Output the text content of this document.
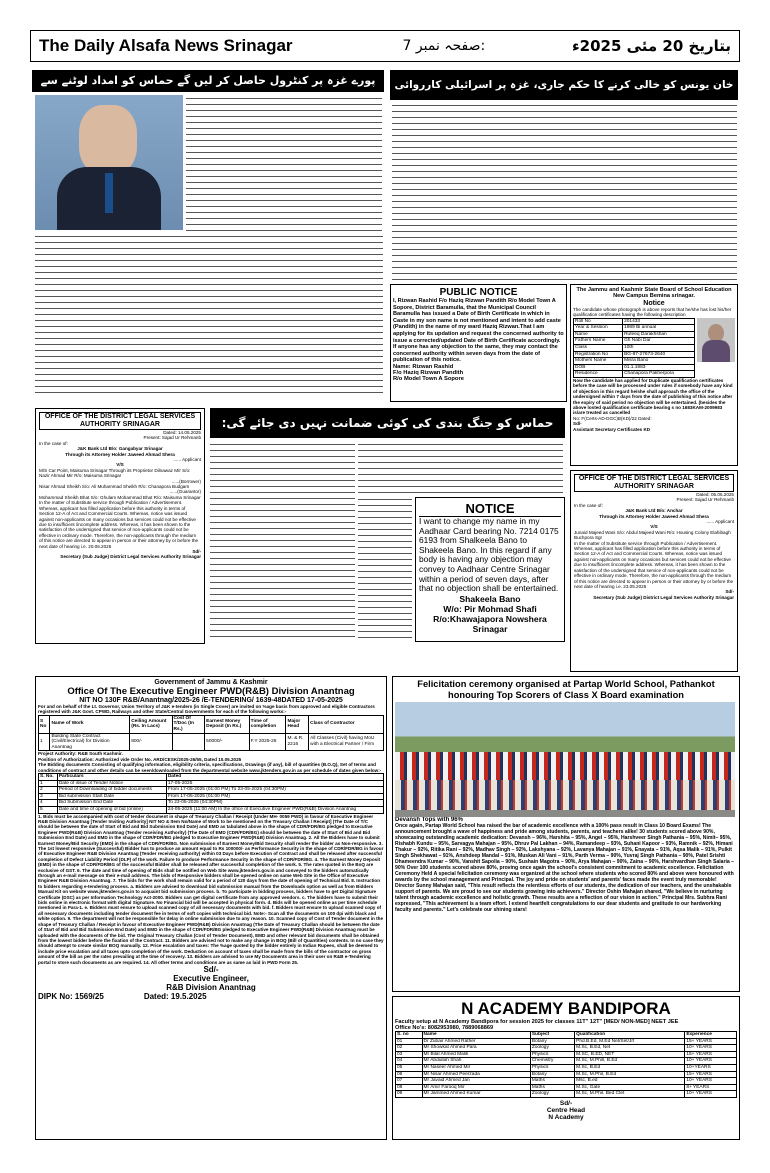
The Daily Alsafa News Srinagar	صفحہ نمبر 7:	بتاریخ 20 مئی 2025ء
پورے غزہ پر کنٹرول حاصل کر لیں گے حماس کو امداد لوٹنے سے بنیتن
خان یونس کو خالی کرنے کا حکم جاری، غزہ پر اسرائیلی کارروائی
PUBLIC NOTICE
I, Rizwan Rashid F/o Haziq Rizwan Pandith R/o Model Town A Sopore, District Baramulla, that the Municipal Council Baramulla has issued a Date of Birth Certificate in which in Caste in my son name is not mentioned and intent to add caste (Pandith) in the name of my ward Haziq Rizwan.That I am applying for its updation and request the concerned authority to issue a corrected/updated Date of Birth Certificate accordingly. If anyone has any objection to the same, they may contact the concerned authority within seven days from the date of publication of this notice.
Name: Rizwan Rashid
F/o Haziq Rizwan Pandith
R/o Model Town A Sopore
The Jammu and Kashmir State Board of School Education New Campus Bemina srinagar.
Notice
The candidate whose photograph is above reports that he/she has lost his/her qualification certificates having the following description
Roll No	201433
Year & Session	1989 Bi annual
Name	Rufeeq Darakhshan
Fathers Name	Gh Nabi Dar
Class	10th
Registration No	BG-87-27673-2640
Mothers Name	Misra Bano
DOB	01.1.1983
Residence	Chanapora Pakherpora
Now the candidate has applied for Duplicate qualification certificates before the case will be processed under rules if somebody have any kind of objection in this regard he/she shall approach the office of the undersigned within 7 days from the date of publishing of this notice after the expiry of said period no objection will be entertained. (besides the above losted qualification certificate bearing s no 1683KAM-2009983 is/are treated as cancelled
No: F(Certs-AD-DGC)B(KD)/22 Dated:
Sd/-
Assistant Secretary Certificates KD
OFFICE OF THE DISTRICT LEGAL SERVICES AUTHORITY SRINAGAR
Dated: 14.05.2025
Present: Sajad Ur Rehmanb
In the case of:
J&K Bank Ltd B/o: Gangabyar Srinagar
Through its Attorney Holder Jaweed Ahmad Shera
...... Applicant
V/S
M/S Car Point, Maisuma Srinagar Through its Proprietor Dilnawaz M/r S/o: Nazir Ahmad Mir R/o: Maisuma Srinagar
......(Borrower)
Nisar Ahmad Sheikh S/o: Ali Muhammad Sheikh R/o: Chanapora Budgam
......(Guarantor)
Mohammad Sheikh Bhat S/o: Ghulam Mohammad Bhat R/o: Maisuma Srinagar
In the matter of Substitute service through Publication / Advertisement. Whereas, applicant has filled application before this authority in terms of Section 12-A of Act and Commercial Courts. Whereas, notice was issued against non-applicants on many occasions but services could not be effective due to insufficient /incomplete address. Whereas, it has been shown to the satisfaction of the undersigned that service of non-applicants could not be effective in ordinary mode. Therefore, the non-applicants through the medium of this notice are directed to appear in person or their attorney by or before the next date of hearing i.e. 20.06.2025
Sd/-
Secretary (Sub Judge) District Legal Services Authority Srinagar
حماس کو جنگ بندی کی کوئی ضمانت نہیں دی جائے گی:
NOTICE
I want to change my name in my Aadhaar Card bearing No. 7214 0175 6193 from Shalkeela Bano to Shakeela Bano. In this regard if any body is having any objection may convey to Aadhaar Centre Srinagar within a period of seven days, after that no objection shall be entertained.
Shakeela Bano
W/o: Pir Mohmad Shafi
R/o:Khawajapora Nowshera Srinagar
OFFICE OF THE DISTRICT LEGAL SERVICES AUTHORITY SRINAGAR
Dated: 05.05.2025
Present: Sajad Ur Rehmanb
In the case of:
J&K Bank Ltd B/o: Anchar
Through its Attorney Holder Jaweed Ahmad Shera
...... Applicant
V/S
Junaid Majeed Wani S/o: Abdul Majeed Wani R/o: Housing Colony Elahibagh Buchpora Sgr
In the matter of Substitute service through Publication / Advertisement. Whereas, applicant has filled application before this authority in terms of Section 12-A of Act and Commercial Courts. Whereas, notice was issued against non-applicants on many occasions but services could not be effective due to insufficient /incomplete address. Whereas, it has been shown to the satisfaction of the undersigned that service of non-applicants could not be effective in ordinary mode. Therefore, the non-applicants through the medium of this notice are directed to appear in person or their attorney by or before the next date of hearing i.e. 23.05.2025
Sd/-
Secretary (Sub Judge) District Legal Services Authority Srinagar
Government of Jammu & Kashmir
Office Of The Executive Engineer PWD(R&B) Division Anantnag
NIT NO 130F R&B/Anantnag/2025-26 /E-TENDERING/ 1639-48DATED 17-05-2025
For and on behalf of the Lt. Governor, Union Territory of J&K e-tenders (in Single Cover) are invited on %age basis from approved and eligible Contractors registered with J&K Govt. CPWD, Railways and other State/Central Governments for each of the following works:-
S No	Name of Work	Ceiling Amount (Rs. In Lacs)	Cost Of T/Doc (In Rs.)	Earnest Money Deposit (In Rs.)	Time of completion	Major Head	Class of Contractor
1	Building State Contract (Civil/Electrical) for Division Anantnag	800/-		50000/-	F.Y 2025-26	M. & R. 2216	All Classes (Civil) having MoU with a Electrical Partner / Firm
Project Authority: R&B South Kashmir.
Position of Authorization: Authorized vide Order No. ARD/CESK/2025-26/55, Dated 10.05.2025
The Bidding documents Consisting of qualifying information, eligibility criteria, specifications, Drawings (if any), bill of quantities (B.O.Q), Set of terms and conditions of contract and other details can be seen/downloaded from the departmental website www.jktenders.gov.in as per schedule of dates given below:-
S. No.	Particulars	Dated
1	Date of issue of Tender Notice	17-05-2025
2	Period of Downloading of bidder documents	From 17-05-2025 (01:00 PM) To 23-05-2025 (04:30PM)
3	Bid submission Start Date	From 17-05-2025 (01:00 PM)
4	Bid Submission End Date	To 23-05-2025 (04:30PM)
5	Date and time of opening of bid (online)	24-05-2025 (11:00 AM) In the office of Executive Engineer PWD(R&B) Division Anantnag
1. Bids must be accompanied with cost of tender document in shape of Treasury Challan / Receipt (Under MH- 0059 PWD) in favour of Executive Engineer R&B Division Anantnag [Tender Inviting Authority] NIT NO & Item No/Name of Work to be mentioned on the Treasury Challan / Receipt] (The Date of T/C should be between the date of Start of Bid and Bid Submission End Date) and EMD as tabulated above in the shape of CDR/FDR/BG pledged to Executive Engineer PWD(R&B) Division Anantnag (Tender receiving Authority) (The Date of EMD (CDR/FDR/BG) should be between the date of Start of Bid and Bid Submission End Date) and EMD in the shape of CDR/FDR/BG pledged to Executive Engineer PWD(R&B) Division Anantnag. 2. All the Bidders have to submit Earnest Money/Bid Security (EMD) in the shape of CDR/FDR/BG. Non submission of Earnest Money/Bid Security shall render the bidder as Non-responsive. 3. The 1st lowest responsive (Successful) Bidder has to produce an amount equal to Rs 100000/- as Performance Security in the shape of CDR/FDR/BG in favour of Executive Engineer R&B Division Anantnag (Tender receiving authority) within 03 Days before Execution of Contract and shall be released after successful completion of Defect Liability Period (DLP) of the work. Failure to produce Performance Security in the shape of CDR/FDR/BG. 4. The Earnest Money Deposit (EMD) in the shape of CDR/FDR/BG of the successful Bidder shall be released after successful completion of the work. 5. The rates quoted in the BoQ are exclusive of GST. 6. The date and time of opening of Bids shall be notified on Web Site www.jktenders.gov.in and conveyed to the bidders automatically through an e-mail message on their e-mail address. The bids of Responsive bidders shall be opened online on same Web Site in the Office of Executive Engineer R&B Division Anantnag. 7. The bids for the work shall remain valid for a period of 120 days from the date of opening of Technical Bid. 8. Instruction to bidders regarding e-tendering process. a. Bidders are advised to download bid submission manual from the Downloads option as well as from Bidders Manual Kit on website www.jktenders.gov.in to acquaint bid submission process. b. To participate in bidding process, bidders have to get Digital Signature Certificate (DSC) as per Information Technology Act-2000. Bidders can get digital certificate from any approved vendors. c. The bidders have to submit their bids online in electronic format with digital Signature. No Financial bid will be accepted in physical form. d. Bids will be opened online as per time schedule mentioned in Para-1. e. Bidders must ensure to upload scanned copy of all necessary documents with bid. f. Bidders must ensure to upload scanned copy of all necessary documents including tender document fee in terms of soft copies with technical bid. Note:- Scan all the documents on 100 dpi with black and white option. 9. The department will not be responsible for delay in online submission due to any reason. 10. Scanned copy of Cost of Tender document in the shape of Treasury Challan / Receipt in favour of Executive Engineer PWD(R&B) Division Anantnag (The Date of Treasury Challan should be between the date of Start of Bid and Bid Submission End Date) and EMD in the shape of CDR/FDR/BG pledged to Executive Engineer PWD(R&B) Division Anantnag must be uploaded with the documents of the bid. The Original Treasury Challan (Cost of Tender Document), EMD and other relevant bid documents shall be obtained from the lowest bidder before the fixation of the Contract. 11. Bidders are advised not to make any change in BOQ (Bill of Quantities) contents. In no case they should attempt to create similar BOQ manually. 12. Price escalation and taxes: The %age quoted by the bidder entirely in Indian Rupees, shall be deemed to include price escalation and all taxes upto completion of the work. Deduction on account of taxes shall be made from the bills of the contractor on gross amount of the bill as per the rates prevailing at the time of recovery. 13. Bidders are advised to use My Documents area in their user on R&B e-Tendering portal to store such documents as are required. 14. All other terms and conditions are as same as laid in PWD Form 25.
Sd/-
Executive Engineer,
R&B Division Anantnag
DIPK No: 1569/25	Dated: 19.5.2025
Felicitation ceremony organised at Partap World School, Pathankot honouring Top Scorers of Class X Board examination
Devansh Tops with 96%
Once again, Partap World School has raised the bar of academic excellence with a 100% pass result in Class 10 Board Exams! The announcement brought a wave of happiness and pride among students, parents, and teachers alike! 30 students scored above 90%, showcasing outstanding academic dedication: Devansh – 96%, Harshita – 95%, Angel – 95%, Harshveer Singh Pathania – 95%, Nimit– 95%, Rishabh Kundu – 95%, Sarvagya Mahajan – 95%, Dhruv Pal Lakhan – 94%, Ramandeep – 93%, Suhani Kapoor – 93%, Ramnik – 92%, Himani Thakur – 92%, Ritika Rani – 92%, Madhav Singh – 92%, Lakshyana – 92%, Lavanya Mahajan – 91%, Enayata – 91%, Aqsa Malik – 91%, Pulkit Singh Shekhawat – 91%, Anshdeep Mandal – 91%, Muskan Ali Vani – 91%, Parth Verma – 90%, Yuvraj Singh Pathania – 90%, Patel Srishti Dhameendra Kumar – 90%, Vanshit Sapolia – 90%, Sushain Magotra – 90%, Arya Mahajan – 90%, Zaina – 90%, Harshvardhan Singh Salaria – 90% Over 100 students scored above 80%, proving once again the school's consistent commitment to academic excellence. Felicitation Ceremony Held A special felicitation ceremony was organized at the school where students who scored 80% and above were honoured with awards by the school management and Principal. The joy and pride on students' and parents' faces made the event truly memorable! Director Sunny Mahajan said, "This result reflects the relentless efforts of our students, the dedication of our teachers, and the unshakable support of parents. We are proud to see our students growing into achievers." Director Oshin Mahajan shared, "We believe in nurturing talent through academic excellence and holistic growth. These results are a reflection of our vision in action." Principal Mrs. Subhra Rani expressed, "This achievement is a team effort. I extend heartfelt congratulations to our dear students and gratitude to our hardworking faculty and parents." Let's celebrate our shining stars!
N ACADEMY BANDIPORA
Faculty setup at N Academy Bandipora for session 2025 for classes 11T" 12T" [MED/ NON-MED] NEET JEE
Office No's: 8082953980, 7889068869
S. no	Name	Subject	Qualification	Experience
01	Dr Zubair Ahmed Rather	Botany	Phd.B.Ed, M.Ed Net/Set/Jrf	15+ YEARS
02	Mr Showkat Ahmed Para	Zoology	M.Sc, B.Ed, Net	10+ YEARS
03	Mr Bilal Ahmed Malik	Physics	M.SC, B.ED, NET	15+ YEARS
04	Mr Abdullah Shah	Chemistry	M.Sc, M.Phill, B.Ed	10+ YEARS
05	Mr Naseer Ahmed Mir	Physics	M.Sc, B.Ed	10+YEARS
06	Mr Nisar Ahmed Peerzada	Botany	M.Sc, M.Phil, B.Ed	15+ YEARS
07	Mr Javaid Ahmed Jan	Maths	Msc, B.ed	10+ YEARS
08	Mr Amir Farooq Mir	Maths	M.Sc, Gate	8+ YEARS
09	Mr Jammed Ahmed Kumar	Zoology	M.Sc, M.Phil. Bed Ctet	10+ YEARS
Sd/-
Centre Head
N Academy
